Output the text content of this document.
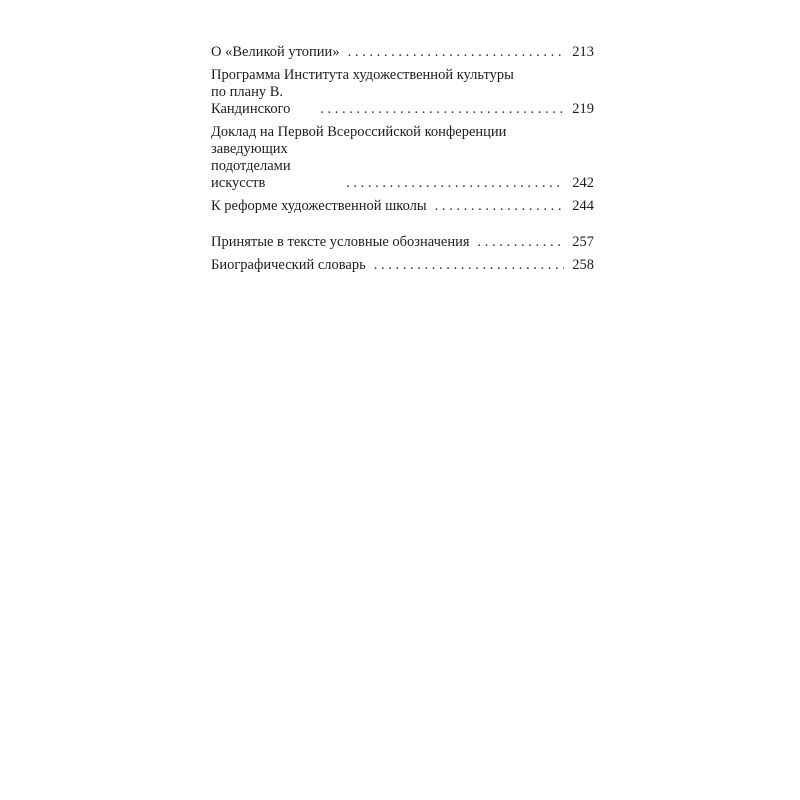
О «Великой утопии» . . .	213
Программа Института художественной культуры
по плану В. Кандинского . . .	219
Доклад на Первой Всероссийской конференции
заведующих подотделами искусств . . .	242
К реформе художественной школы . . .	244
Принятые в тексте условные обозначения . . .	257
Биографический словарь . . .	258
